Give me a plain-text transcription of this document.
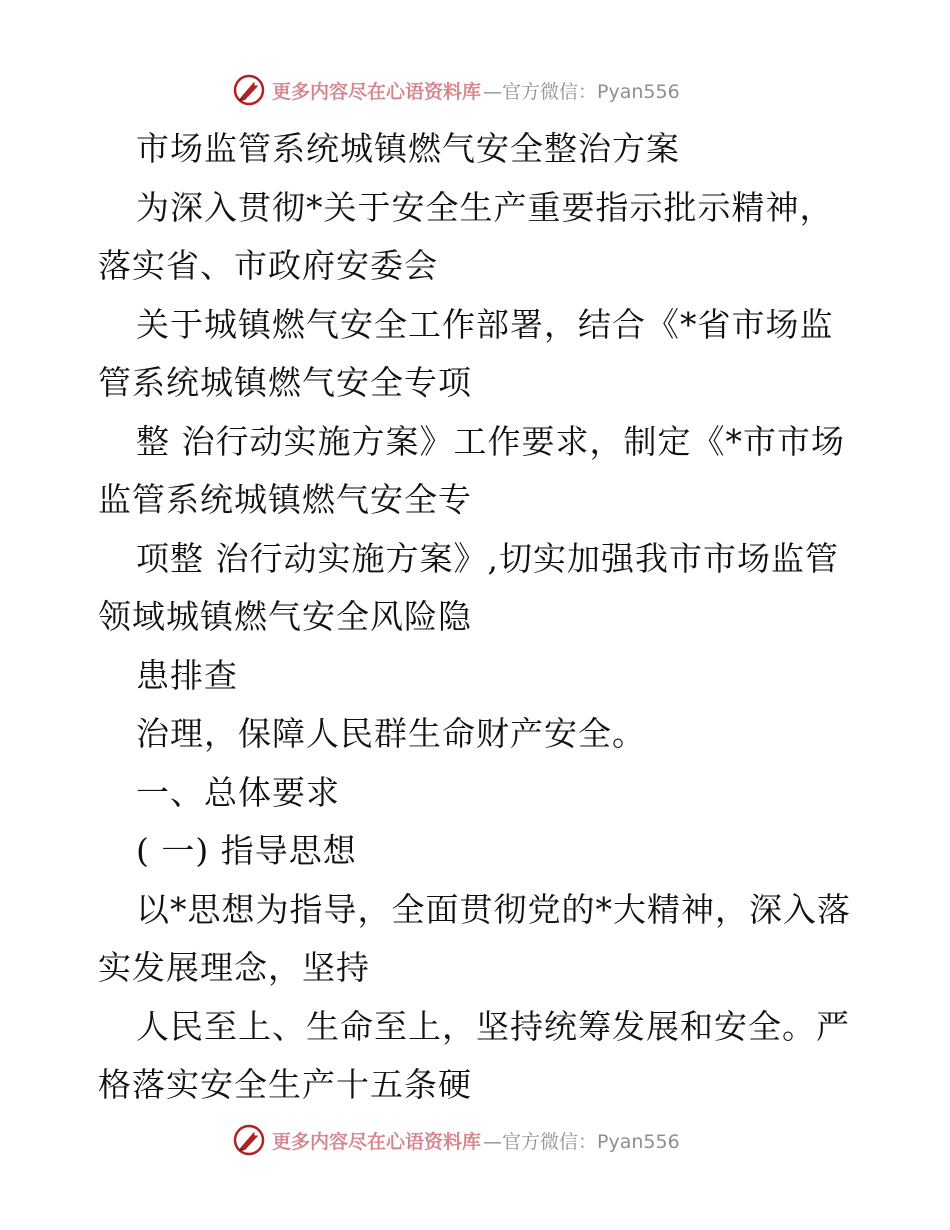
更多内容尽在心语资料库 —官方微信：Pyan556
市场监管系统城镇燃气安全整治方案
为深入贯彻*关于安全生产重要指示批示精神，
落实省、市政府安委会
关于城镇燃气安全工作部署，结合《*省市场监
管系统城镇燃气安全专项
整 治行动实施方案》工作要求，制定《*市市场
监管系统城镇燃气安全专
项整 治行动实施方案》,切实加强我市市场监管
领域城镇燃气安全风险隐
患排查
治理，保障人民群生命财产安全。
一、总体要求
( 一) 指导思想
以*思想为指导，全面贯彻党的*大精神，深入落
实发展理念，坚持
人民至上、生命至上，坚持统筹发展和安全。严
格落实安全生产十五条硬
更多内容尽在心语资料库 —官方微信：Pyan556
